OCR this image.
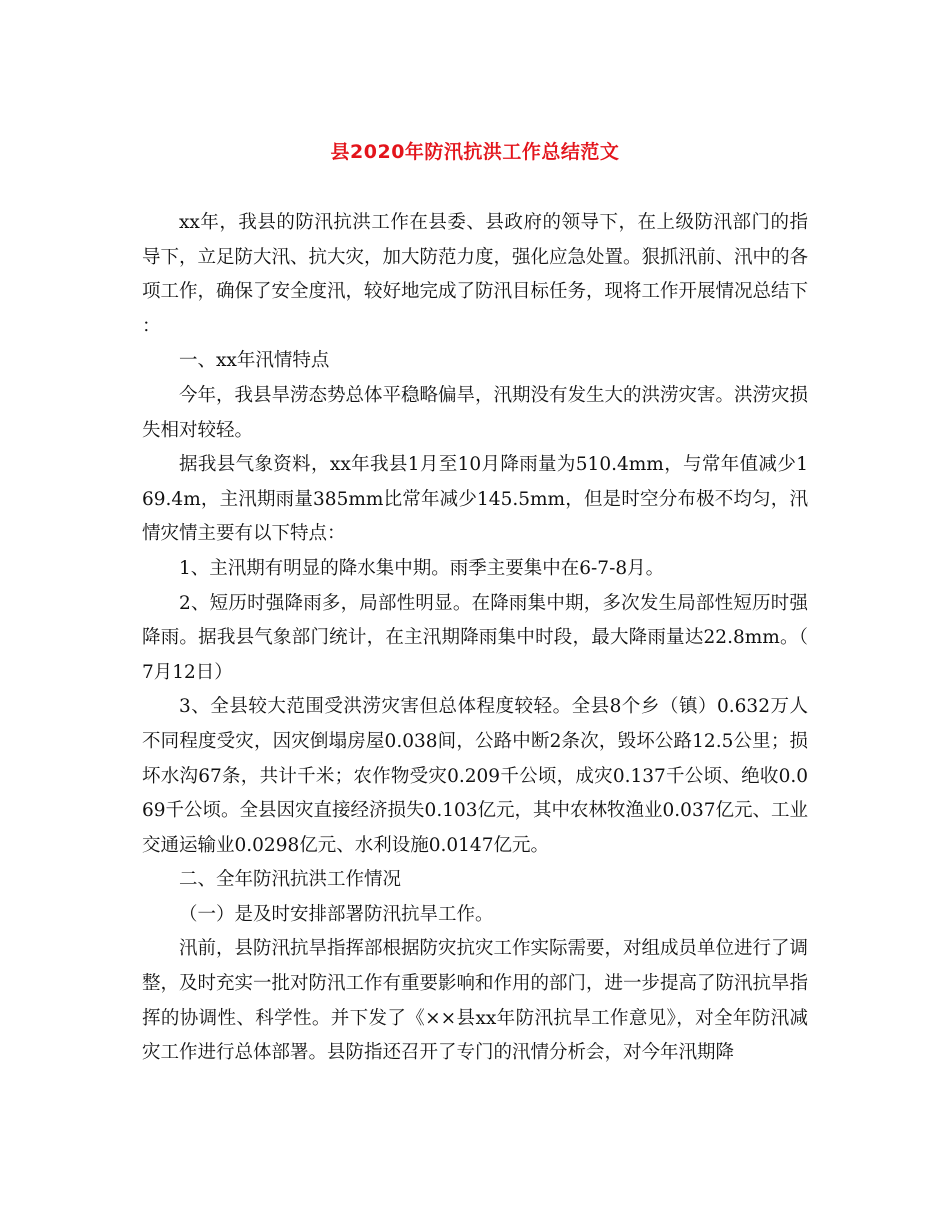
县2020年防汛抗洪工作总结范文

xx年，我县的防汛抗洪工作在县委、县政府的领导下，在上级防汛部门的指导下，立足防大汛、抗大灾，加大防范力度，强化应急处置。狠抓汛前、汛中的各项工作，确保了安全度汛，较好地完成了防汛目标任务，现将工作开展情况总结下：

一、xx年汛情特点

今年，我县旱涝态势总体平稳略偏旱，汛期没有发生大的洪涝灾害。洪涝灾损失相对较轻。

据我县气象资料，xx年我县1月至10月降雨量为510.4mm，与常年值减少169.4m，主汛期雨量385mm比常年减少145.5mm，但是时空分布极不均匀，汛情灾情主要有以下特点：

1、主汛期有明显的降水集中期。雨季主要集中在6-7-8月。

2、短历时强降雨多，局部性明显。在降雨集中期，多次发生局部性短历时强降雨。据我县气象部门统计，在主汛期降雨集中时段，最大降雨量达22.8mm。（7月12日）

3、全县较大范围受洪涝灾害但总体程度较轻。全县8个乡（镇）0.632万人不同程度受灾，因灾倒塌房屋0.038间，公路中断2条次，毁坏公路12.5公里；损坏水沟67条，共计千米；农作物受灾0.209千公顷，成灾0.137千公顷、绝收0.069千公顷。全县因灾直接经济损失0.103亿元，其中农林牧渔业0.037亿元、工业交通运输业0.0298亿元、水利设施0.0147亿元。

二、全年防汛抗洪工作情况

（一）是及时安排部署防汛抗旱工作。

汛前，县防汛抗旱指挥部根据防灾抗灾工作实际需要，对组成员单位进行了调整，及时充实一批对防汛工作有重要影响和作用的部门，进一步提高了防汛抗旱指挥的协调性、科学性。并下发了《××县xx年防汛抗旱工作意见》，对全年防汛减灾工作进行总体部署。县防指还召开了专门的汛情分析会，对今年汛期降
